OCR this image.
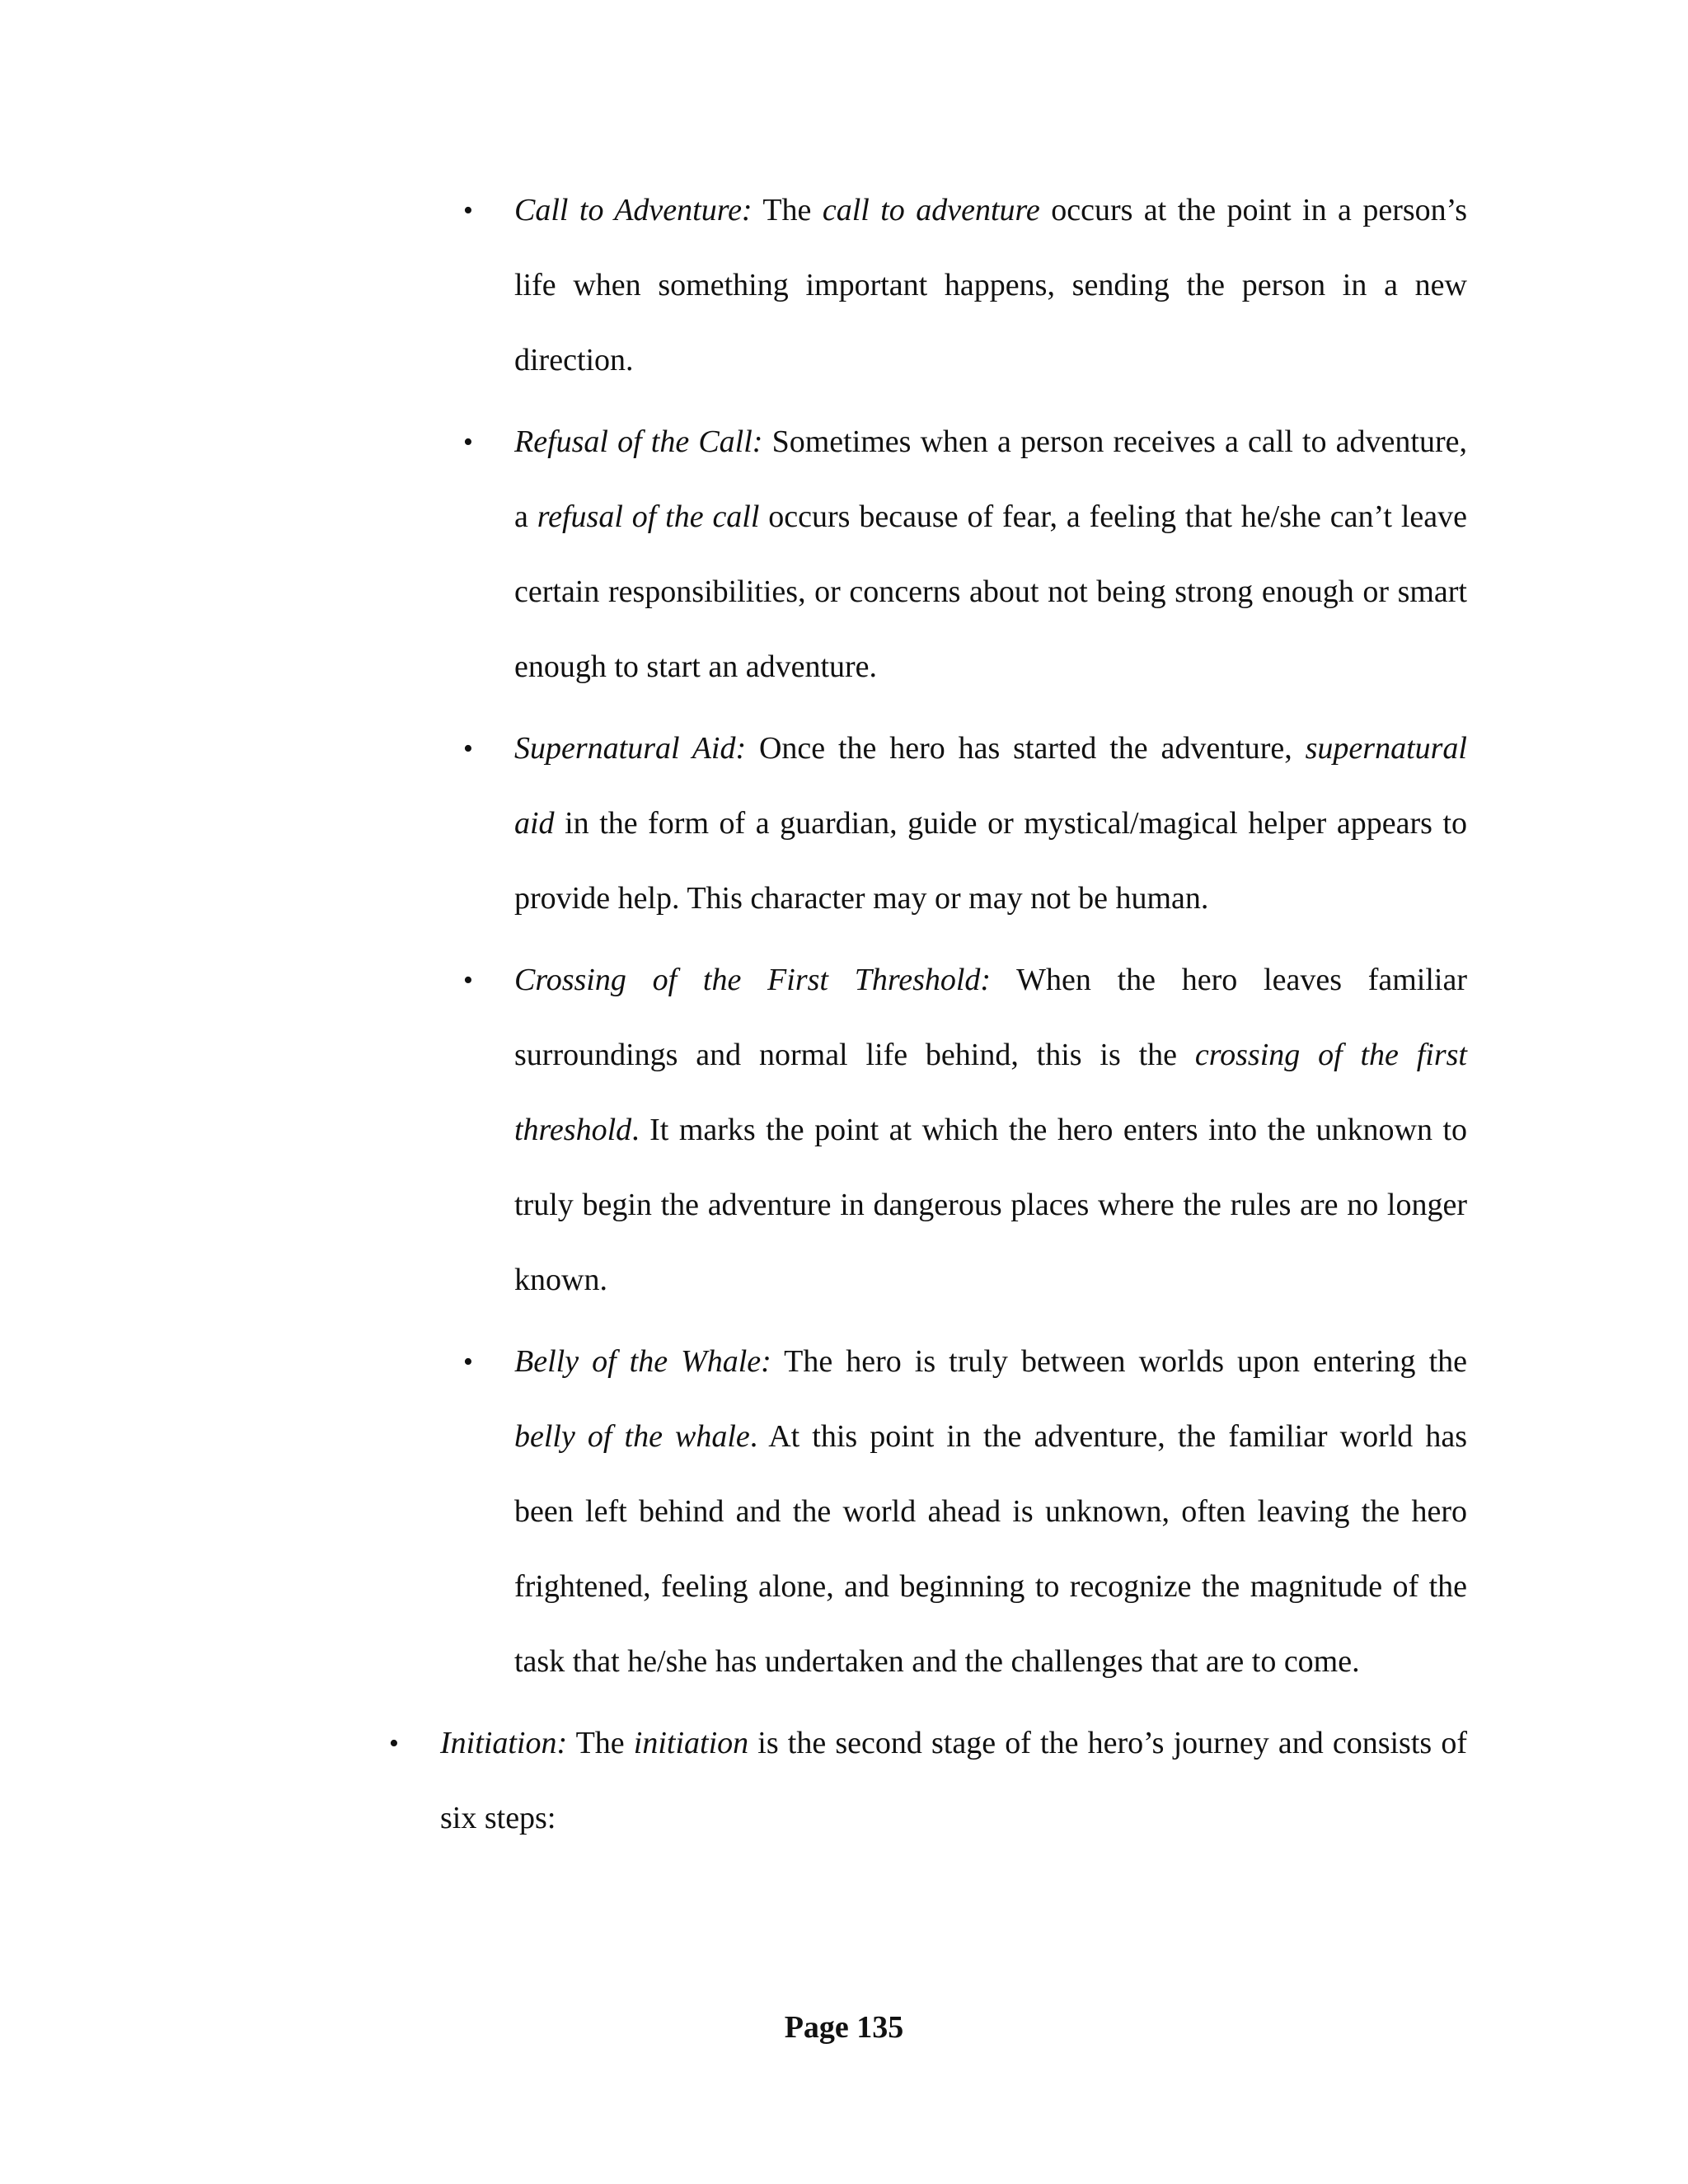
• Call to Adventure: The call to adventure occurs at the point in a person’s life when something important happens, sending the person in a new direction.
• Refusal of the Call: Sometimes when a person receives a call to adventure, a refusal of the call occurs because of fear, a feeling that he/she can’t leave certain responsibilities, or concerns about not being strong enough or smart enough to start an adventure.
• Supernatural Aid: Once the hero has started the adventure, supernatural aid in the form of a guardian, guide or mystical/magical helper appears to provide help. This character may or may not be human.
• Crossing of the First Threshold: When the hero leaves familiar surroundings and normal life behind, this is the crossing of the first threshold. It marks the point at which the hero enters into the unknown to truly begin the adventure in dangerous places where the rules are no longer known.
• Belly of the Whale: The hero is truly between worlds upon entering the belly of the whale. At this point in the adventure, the familiar world has been left behind and the world ahead is unknown, often leaving the hero frightened, feeling alone, and beginning to recognize the magnitude of the task that he/she has undertaken and the challenges that are to come.
• Initiation: The initiation is the second stage of the hero’s journey and consists of six steps:
Page 135
